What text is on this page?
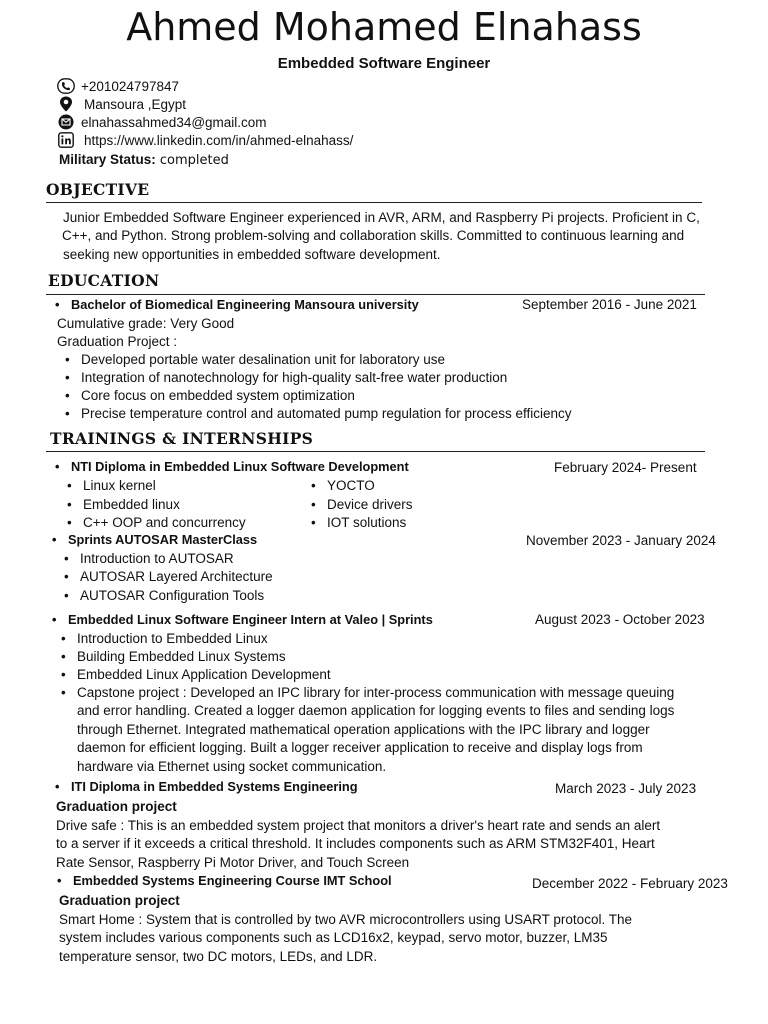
Ahmed Mohamed Elnahass
Embedded Software Engineer
+201024797847
Mansoura ,Egypt
elnahassahmed34@gmail.com
https://www.linkedin.com/in/ahmed-elnahass/
Military Status: completed
OBJECTIVE
Junior Embedded Software Engineer experienced in AVR, ARM, and Raspberry Pi projects. Proficient in C,
C++, and Python. Strong problem-solving and collaboration skills. Committed to continuous learning and
seeking new opportunities in embedded software development.
EDUCATION
• Bachelor of Biomedical Engineering Mansoura university	September 2016 - June 2021
Cumulative grade: Very Good
Graduation Project :
• Developed portable water desalination unit for laboratory use
• Integration of nanotechnology for high-quality salt-free water production
• Core focus on embedded system optimization
• Precise temperature control and automated pump regulation for process efficiency
TRAININGS & INTERNSHIPS
• NTI Diploma in Embedded Linux Software Development	February 2024- Present
• Linux kernel
• Embedded linux
• C++ OOP and concurrency
• YOCTO
• Device drivers
• IOT solutions
• Sprints AUTOSAR MasterClass	November 2023 - January 2024
• Introduction to AUTOSAR
• AUTOSAR Layered Architecture
• AUTOSAR Configuration Tools
• Embedded Linux Software Engineer Intern at Valeo | Sprints	August 2023 - October 2023
• Introduction to Embedded Linux
• Building Embedded Linux Systems
• Embedded Linux Application Development
• Capstone project : Developed an IPC library for inter-process communication with message queuing
and error handling. Created a logger daemon application for logging events to files and sending logs
through Ethernet. Integrated mathematical operation applications with the IPC library and logger
daemon for efficient logging. Built a logger receiver application to receive and display logs from
hardware via Ethernet using socket communication.
• ITI Diploma in Embedded Systems Engineering	March 2023 - July 2023
Graduation project
Drive safe : This is an embedded system project that monitors a driver's heart rate and sends an alert
to a server if it exceeds a critical threshold. It includes components such as ARM STM32F401, Heart
Rate Sensor, Raspberry Pi Motor Driver, and Touch Screen
• Embedded Systems Engineering Course IMT School	December 2022 - February 2023
Graduation project
Smart Home : System that is controlled by two AVR microcontrollers using USART protocol. The
system includes various components such as LCD16x2, keypad, servo motor, buzzer, LM35
temperature sensor, two DC motors, LEDs, and LDR.
